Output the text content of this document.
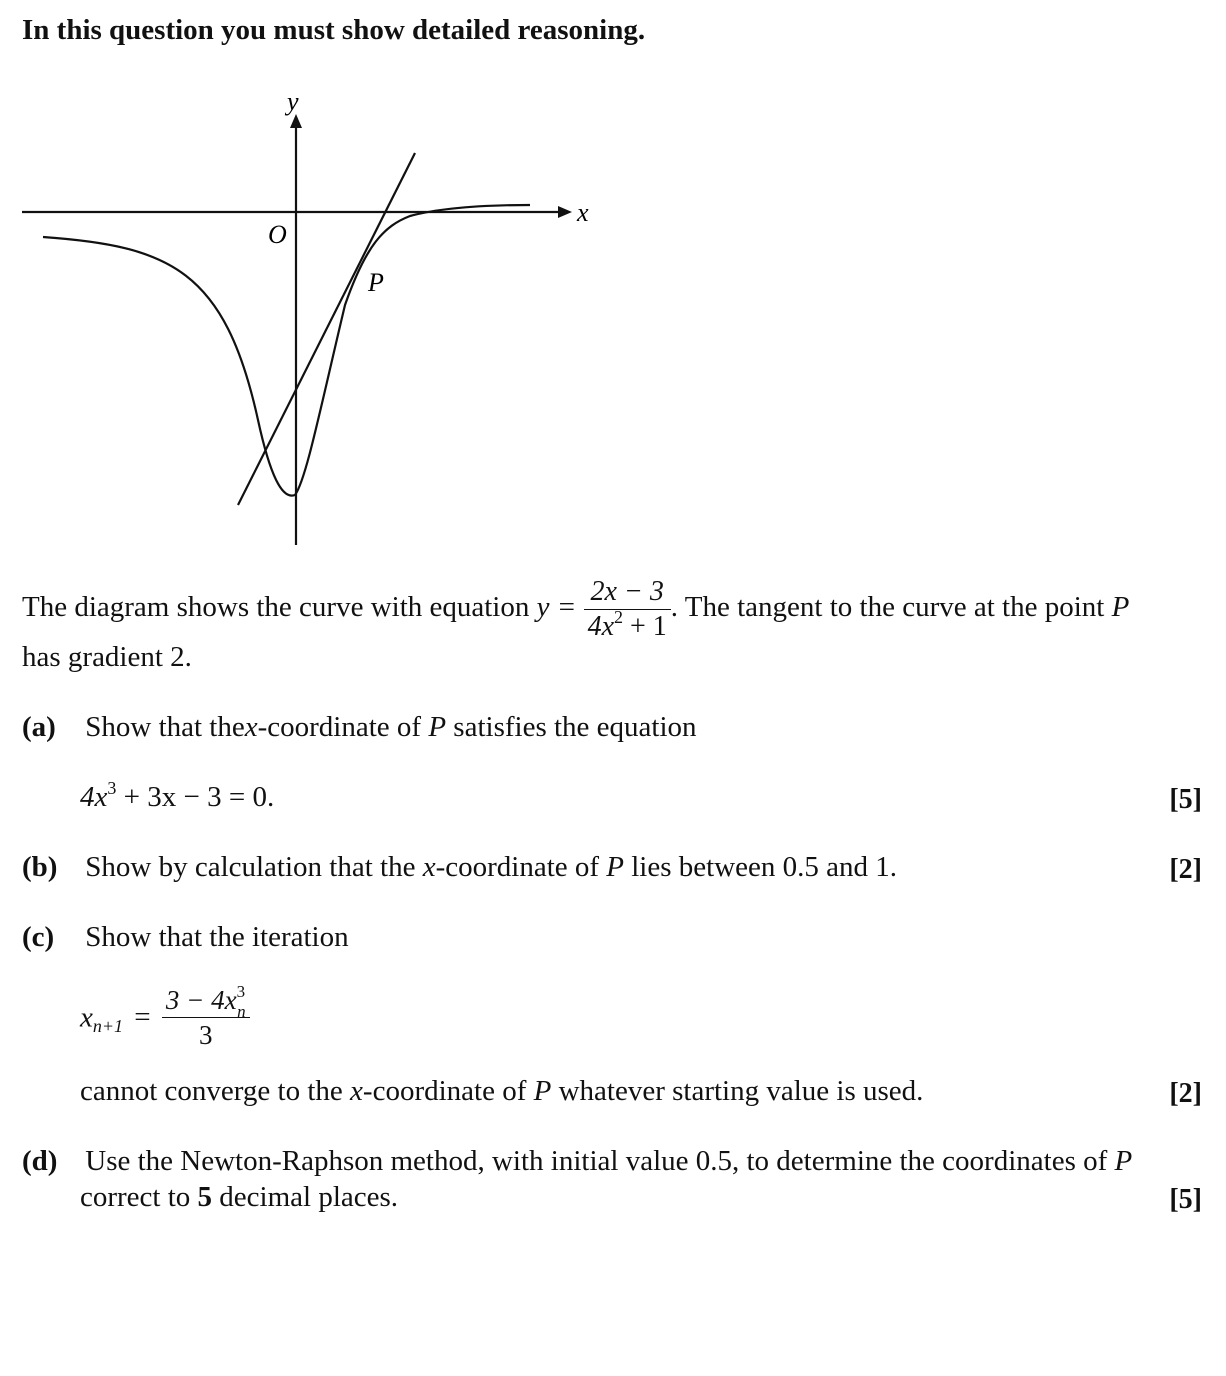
In this question you must show detailed reasoning.
y
x
O
P
The diagram shows the curve with equation $y = \frac{2x - 3}{4x^2 + 1}$ . The tangent to the curve at the point P
has gradient 2.
(a) Show that thex-coordinate of P satisfies the equation
$4x^3 + 3x - 3 = 0$.	[5]
(b) Show by calculation that the x-coordinate of P lies between 0.5 and 1.	[2]
(c) Show that the iteration
$x_{n+1} = \frac{3 - 4x^3_n}{3}$
cannot converge to the x-coordinate of P whatever starting value is used.	[2]
(d) Use the Newton-Raphson method, with initial value 0.5, to determine the coordinates of P
correct to 5 decimal places.	[5]
